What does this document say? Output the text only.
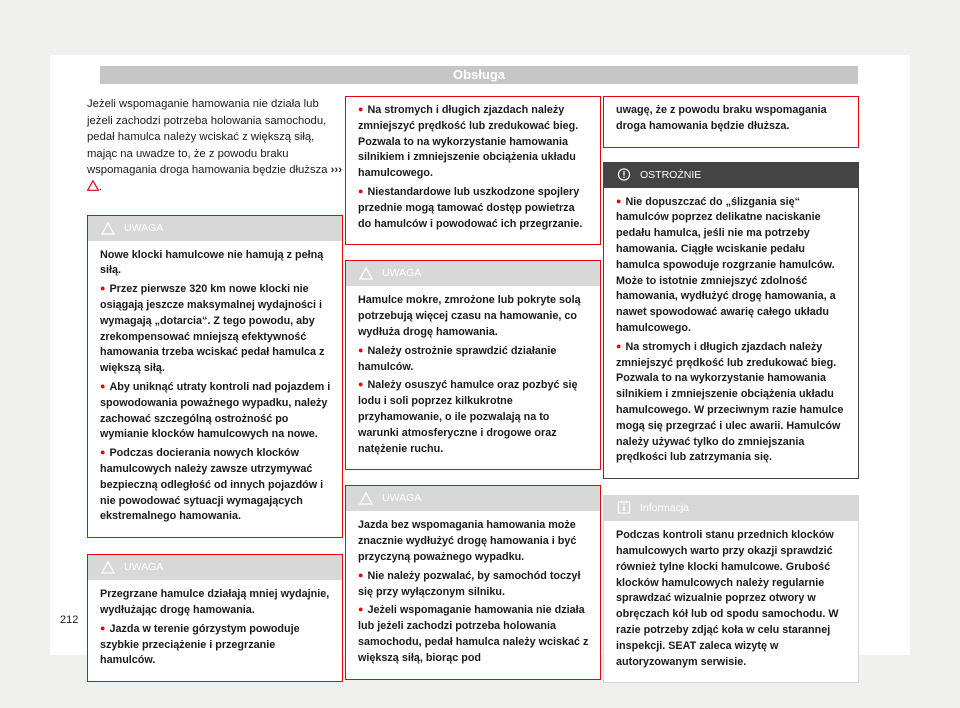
Obsługa

Jeżeli wspomaganie hamowania nie działa lub jeżeli zachodzi potrzeba holowania samochodu, pedał hamulca należy wciskać z większą siłą, mając na uwadze to, że z powodu braku wspomagania droga hamowania będzie dłuższa ››› .

UWAGA

Nowe klocki hamulcowe nie hamują z pełną siłą.

● Przez pierwsze 320 km nowe klocki nie osiągają jeszcze maksymalnej wydajności i wymagają „dotarcia“. Z tego powodu, aby zrekompensować mniejszą efektywność hamowania trzeba wciskać pedał hamulca z większą siłą.

● Aby uniknąć utraty kontroli nad pojazdem i spowodowania poważnego wypadku, należy zachować szczególną ostrożność po wymianie klocków hamulcowych na nowe.

● Podczas docierania nowych klocków hamulcowych należy zawsze utrzymywać bezpieczną odległość od innych pojazdów i nie powodować sytuacji wymagających ekstremalnego hamowania.

UWAGA

Przegrzane hamulce działają mniej wydajnie, wydłużając drogę hamowania.

● Jazda w terenie górzystym powoduje szybkie przeciążenie i przegrzanie hamulców.

● Na stromych i długich zjazdach należy zmniejszyć prędkość lub zredukować bieg. Pozwala to na wykorzystanie hamowania silnikiem i zmniejszenie obciążenia układu hamulcowego.

● Niestandardowe lub uszkodzone spojlery przednie mogą tamować dostęp powietrza do hamulców i powodować ich przegrzanie.

UWAGA

Hamulce mokre, zmrożone lub pokryte solą potrzebują więcej czasu na hamowanie, co wydłuża drogę hamowania.

● Należy ostrożnie sprawdzić działanie hamulców.

● Należy osuszyć hamulce oraz pozbyć się lodu i soli poprzez kilkukrotne przyhamowanie, o ile pozwalają na to warunki atmosferyczne i drogowe oraz natężenie ruchu.

UWAGA

Jazda bez wspomagania hamowania może znacznie wydłużyć drogę hamowania i być przyczyną poważnego wypadku.

● Nie należy pozwalać, by samochód toczył się przy wyłączonym silniku.

● Jeżeli wspomaganie hamowania nie działa lub jeżeli zachodzi potrzeba holowania samochodu, pedał hamulca należy wciskać z większą siłą, biorąc pod

uwagę, że z powodu braku wspomagania droga hamowania będzie dłuższa.

OSTROŻNIE

● Nie dopuszczać do „ślizgania się“ hamulców poprzez delikatne naciskanie pedału hamulca, jeśli nie ma potrzeby hamowania. Ciągłe wciskanie pedału hamulca spowoduje rozgrzanie hamulców. Może to istotnie zmniejszyć zdolność hamowania, wydłużyć drogę hamowania, a nawet spowodować awarię całego układu hamulcowego.

● Na stromych i długich zjazdach należy zmniejszyć prędkość lub zredukować bieg. Pozwala to na wykorzystanie hamowania silnikiem i zmniejszenie obciążenia układu hamulcowego. W przeciwnym razie hamulce mogą się przegrzać i ulec awarii. Hamulców należy używać tylko do zmniejszania prędkości lub zatrzymania się.

Informacja

Podczas kontroli stanu przednich klocków hamulcowych warto przy okazji sprawdzić również tylne klocki hamulcowe. Grubość klocków hamulcowych należy regularnie sprawdzać wizualnie poprzez otwory w obręczach kół lub od spodu samochodu. W razie potrzeby zdjąć koła w celu starannej inspekcji. SEAT zaleca wizytę w autoryzowanym serwisie.

212
